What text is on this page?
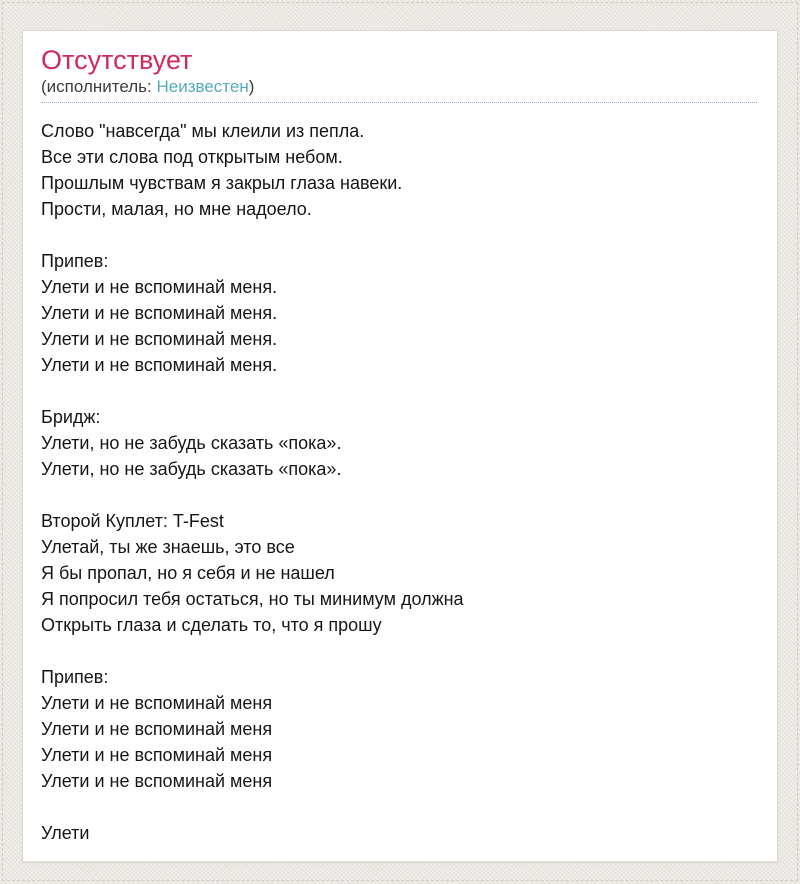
Отсутствует
(исполнитель: Неизвестен)
Слово "навсегда" мы клеили из пепла.
Все эти слова под открытым небом.
Прошлым чувствам я закрыл глаза навеки.
Прости, малая, но мне надоело.
Припев:
Улети и не вспоминай меня.
Улети и не вспоминай меня.
Улети и не вспоминай меня.
Улети и не вспоминай меня.
Бридж:
Улети, но не забудь сказать «пока».
Улети, но не забудь сказать «пока».
Второй Куплет: T-Fest
Улетай, ты же знаешь, это все
Я бы пропал, но я себя и не нашел
Я попросил тебя остаться, но ты минимум должна
Открыть глаза и сделать то, что я прошу
Припев:
Улети и не вспоминай меня
Улети и не вспоминай меня
Улети и не вспоминай меня
Улети и не вспоминай меня
Улети
